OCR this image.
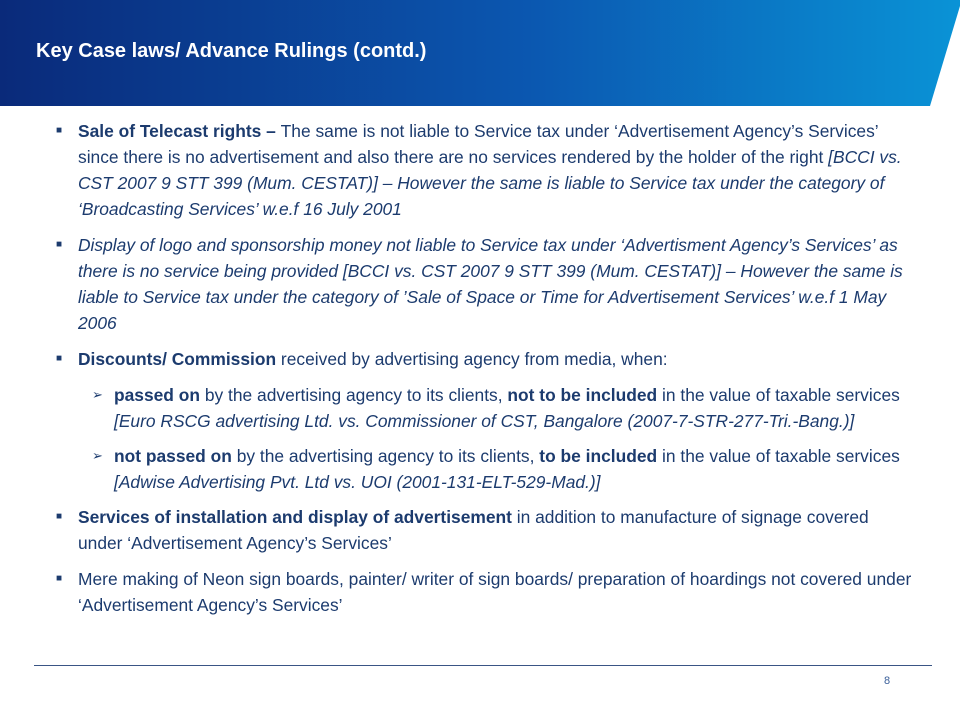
Key Case laws/ Advance Rulings (contd.)
■ Sale of Telecast rights – The same is not liable to Service tax under ‘Advertisement Agency’s Services’ since there is no advertisement and also there are no services rendered by the holder of the right [BCCI vs. CST 2007 9 STT 399 (Mum. CESTAT)] – However the same is liable to Service tax under the category of ‘Broadcasting Services’ w.e.f 16 July 2001
■ Display of logo and sponsorship money not liable to Service tax under ‘Advertisment Agency’s Services’ as there is no service being provided [BCCI vs. CST 2007 9 STT 399 (Mum. CESTAT)] – However the same is liable to Service tax under the category of ’Sale of Space or Time for Advertisement Services’ w.e.f 1 May 2006
■ Discounts/ Commission received by advertising agency from media, when:
➢ passed on by the advertising agency to its clients, not to be included in the value of taxable services [Euro RSCG advertising Ltd. vs. Commissioner of CST, Bangalore (2007-7-STR-277-Tri.-Bang.)]
➢ not passed on by the advertising agency to its clients, to be included in the value of taxable services [Adwise Advertising Pvt. Ltd vs. UOI (2001-131-ELT-529-Mad.)]
■ Services of installation and display of advertisement in addition to manufacture of signage covered under ‘Advertisement Agency’s Services’
■ Mere making of Neon sign boards, painter/ writer of sign boards/ preparation of hoardings not covered under ‘Advertisement Agency’s Services’
8
